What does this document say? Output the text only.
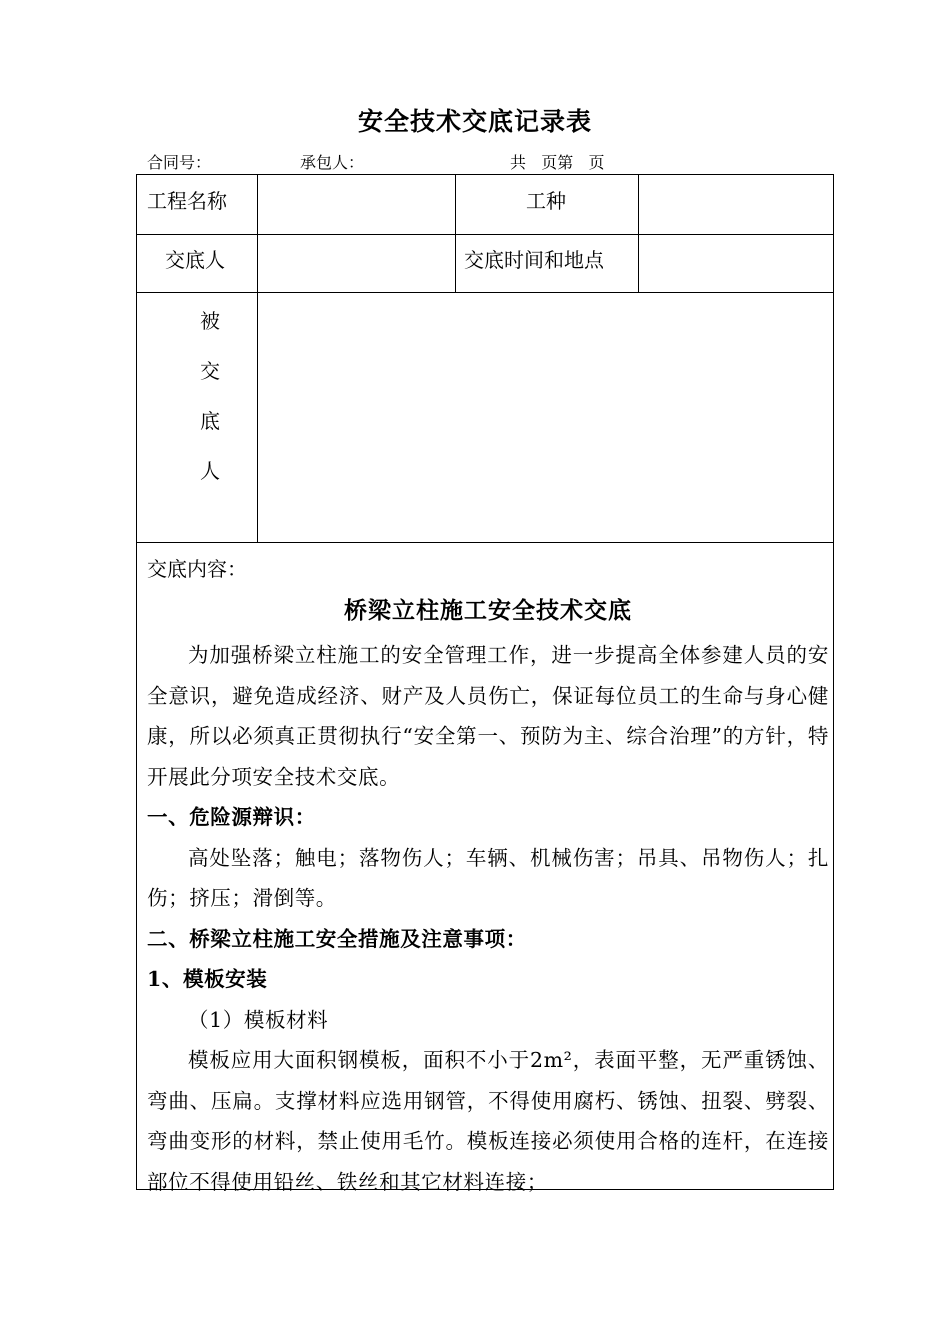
安全技术交底记录表
合同号：	承包人：	共   页第   页
工程名称	工种
交底人	交底时间和地点
被
交
底
人
交底内容：
桥梁立柱施工安全技术交底

为加强桥梁立柱施工的安全管理工作，进一步提高全体参建人员的安全意识，避免造成经济、财产及人员伤亡，保证每位员工的生命与身心健康，所以必须真正贯彻执行“安全第一、预防为主、综合治理”的方针，特开展此分项安全技术交底。

一、危险源辩识：

高处坠落；触电；落物伤人；车辆、机械伤害；吊具、吊物伤人；扎伤；挤压；滑倒等。

二、桥梁立柱施工安全措施及注意事项：

1、模板安装

（1）模板材料

模板应用大面积钢模板，面积不小于2m²，表面平整，无严重锈蚀、弯曲、压扁。支撑材料应选用钢管，不得使用腐朽、锈蚀、扭裂、劈裂、弯曲变形的材料，禁止使用毛竹。模板连接必须使用合格的连杆，在连接部位不得使用铅丝、铁丝和其它材料连接；
